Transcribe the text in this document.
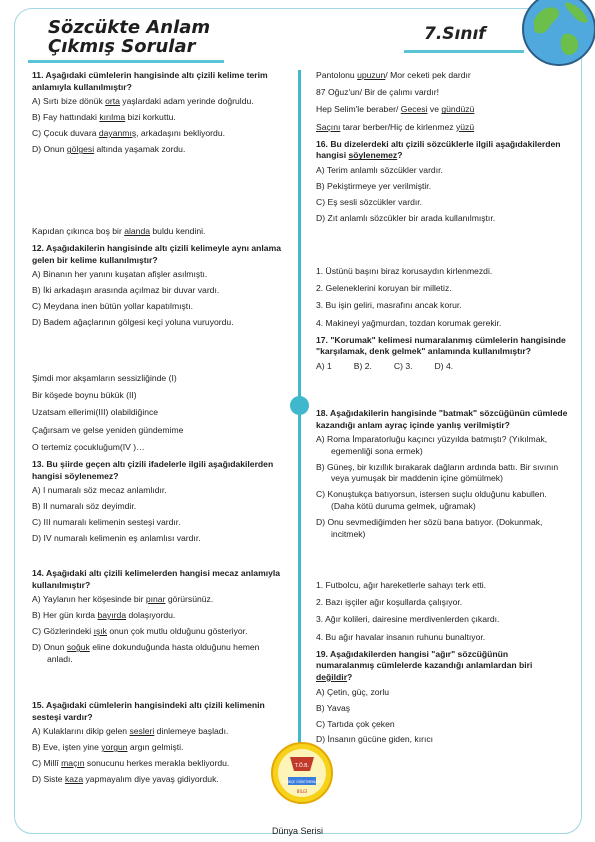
Sözcükte Anlam
Çıkmış Sorular
7.Sınıf
11. Aşağıdaki cümlelerin hangisinde altı çizili kelime terim anlamıyla kullanılmıştır?
A) Sırtı bize dönük orta yaşlardaki adam yerinde doğruldu.
B) Fay hattındaki kırılma bizi korkuttu.
C) Çocuk duvara dayanmış, arkadaşını bekliyordu.
D) Onun gölgesi altında yaşamak zordu.
Kapıdan çıkınca boş bir alanda buldu kendini.
12. Aşağıdakilerin hangisinde altı çizili kelimeyle aynı anlama gelen bir kelime kullanılmıştır?
A) Binanın her yanını kuşatan afişler asılmıştı.
B) İki arkadaşın arasında açılmaz bir duvar vardı.
C) Meydana inen bütün yollar kapatılmıştı.
D) Badem ağaçlarının gölgesi keçi yoluna vuruyordu.
Şimdi mor akşamların sessizliğinde (I)
Bir köşede boynu bükük (II)
Uzatsam ellerimi(III) olabildiğince
Çağırsam ve gelse yeniden gündemime
O tertemiz çocukluğum(IV )…
13. Bu şiirde geçen altı çizili ifadelerle ilgili aşağıdakilerden hangisi söylenemez?
A) I numaralı söz mecaz anlamlıdır.
B) II numaralı söz deyimdir.
C) III numaralı kelimenin sesteşi vardır.
D) IV numaralı kelimenin eş anlamlısı vardır.
14. Aşağıdaki altı çizili kelimelerden hangisi mecaz anlamıyla kullanılmıştır?
A) Yaylanın her köşesinde bir pınar görürsünüz.
B) Her gün kırda bayırda dolaşıyordu.
C) Gözlerindeki ışık onun çok mutlu olduğunu gösteriyor.
D) Onun soğuk eline dokunduğunda hasta olduğunu hemen anladı.
15. Aşağıdaki cümlelerin hangisindeki altı çizili kelimenin sesteşi vardır?
A) Kulaklarını dikip gelen sesleri dinlemeye başladı.
B) Eve, işten yine yorgun argın gelmişti.
C) Millî maçın sonucunu herkes merakla bekliyordu.
D) Siste kaza yapmayalım diye yavaş gidiyorduk.
Pantolonu upuzun/ Mor ceketi pek dardır
87 Oğuz'un/ Bir de çalımı vardır!
Hep Selim'le beraber/ Gecesi ve gündüzü
Saçını tarar berber/Hiç de kirlenmez yüzü
16. Bu dizelerdeki altı çizili sözcüklerle ilgili aşağıdakilerden hangisi söylenemez?
A) Terim anlamlı sözcükler vardır.
B) Pekiştirmeye yer verilmiştir.
C) Eş sesli sözcükler vardır.
D) Zıt anlamlı sözcükler bir arada kullanılmıştır.
1. Üstünü başını biraz korusaydın kirlenmezdi.
2. Geleneklerini koruyan bir milletiz.
3. Bu işin geliri, masrafını ancak korur.
4. Makineyi yağmurdan, tozdan korumak gerekir.
17. "Korumak" kelimesi numaralanmış cümlelerin hangisinde "karşılamak, denk gelmek" anlamında kullanılmıştır?
A) 1	B) 2.	C) 3.	D) 4.
18. Aşağıdakilerin hangisinde "batmak" sözcüğünün cümlede kazandığı anlam ayraç içinde yanlış verilmiştir?
A) Roma İmparatorluğu kaçıncı yüzyılda batmıştı? (Yıkılmak, egemenliği sona ermek)
B) Güneş, bir kızıllık bırakarak dağların ardında battı. Bir sıvının veya yumuşak bir maddenin içine gömülmek)
C) Konuştukça batıyorsun, istersen suçlu olduğunu kabullen. (Daha kötü duruma gelmek, uğramak)
D) Onu sevmediğimden her sözü bana batıyor. (Dokunmak, incitmek)
1. Futbolcu, ağır hareketlerle sahayı terk etti.
2. Bazı işçiler ağır koşullarda çalışıyor.
3. Ağır kolileri, dairesine merdivenlerden çıkardı.
4. Bu ağır havalar insanın ruhunu bunaltıyor.
19. Aşağıdakilerden hangisi "ağır" sözcüğünün numaralanmış cümlelerde kazandığı anlamlardan biri değildir?
A) Çetin, güç, zorlu
B) Yavaş
C) Tartıda çok çeken
D) İnsanın gücüne giden, kırıcı
T.Ö.B.
TÜRKÇE ÖĞRETMENLERİ
BİLGİ
Dünya Serisi
